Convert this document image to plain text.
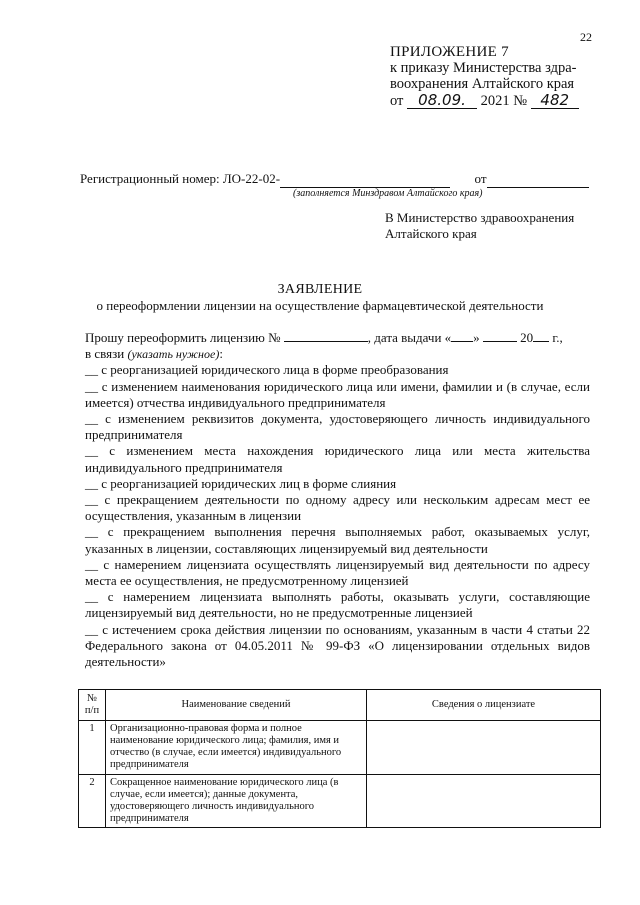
22
ПРИЛОЖЕНИЕ 7
к приказу Министерства здра-
воохранения Алтайского края
от 08.09. 2021 № 482
Регистрационный номер: ЛО-22-02-	от
(заполняется Минздравом Алтайского края)
В Министерство здравоохранения
Алтайского края
ЗАЯВЛЕНИЕ
о переоформлении лицензии на осуществление фармацевтической деятельности

Прошу переоформить лицензию №	, дата выдачи « »	20 г.,

в связи (указать нужное):

__ с реорганизацией юридического лица в форме преобразования

__ с изменением наименования юридического лица или имени, фамилии и (в случае, если имеется) отчества индивидуального предпринимателя

__ с изменением реквизитов документа, удостоверяющего личность индивидуального предпринимателя

__ с изменением места нахождения юридического лица или места жительства индивидуального предпринимателя

__ с реорганизацией юридических лиц в форме слияния

__ с прекращением деятельности по одному адресу или нескольким адресам мест ее осуществления, указанным в лицензии

__ с прекращением выполнения перечня выполняемых работ, оказываемых услуг, указанных в лицензии, составляющих лицензируемый вид деятельности

__ с намерением лицензиата осуществлять лицензируемый вид деятельности по адресу места ее осуществления, не предусмотренному лицензией

__ с намерением лицензиата выполнять работы, оказывать услуги, составляющие лицензируемый вид деятельности, но не предусмотренные лицензией

__ с истечением срока действия лицензии по основаниям, указанным в части 4 статьи 22 Федерального закона от 04.05.2011 № 99-ФЗ «О лицензировании отдельных видов деятельности»

№ п/п	Наименование сведений	Сведения о лицензиате
1	Организационно-правовая форма и полное наименование юридического лица; фамилия, имя и отчество (в случае, если имеется) индивидуального предпринимателя	
2	Сокращенное наименование юридического лица (в случае, если имеется); данные документа, удостоверяющего личность индивидуального предпринимателя	
